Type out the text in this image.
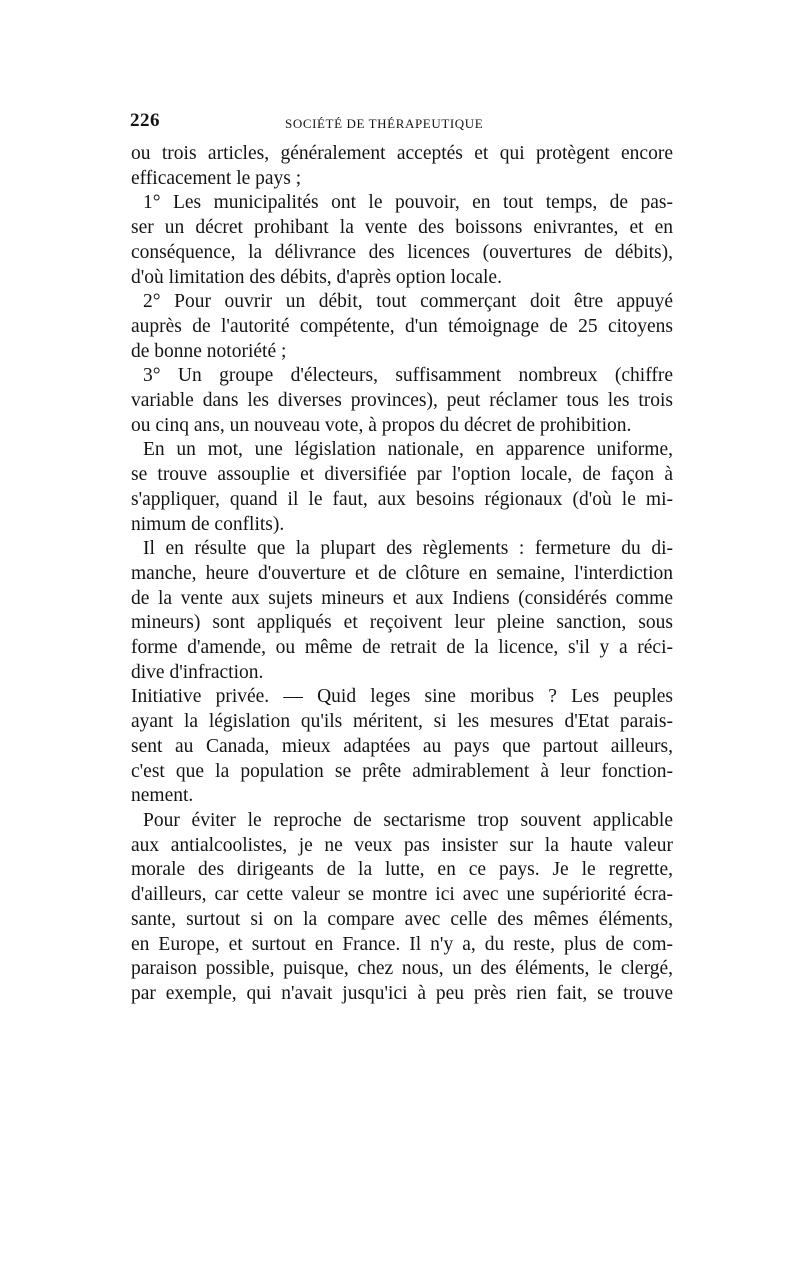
226	SOCIÉTÉ DE THÉRAPEUTIQUE

ou trois articles, généralement acceptés et qui protègent encore
efficacement le pays ;

1° Les municipalités ont le pouvoir, en tout temps, de pas-
ser un décret prohibant la vente des boissons enivrantes, et en
conséquence, la délivrance des licences (ouvertures de débits),
d'où limitation des débits, d'après option locale.

2° Pour ouvrir un débit, tout commerçant doit être appuyé
auprès de l'autorité compétente, d'un témoignage de 25 citoyens
de bonne notoriété ;

3° Un groupe d'électeurs, suffisamment nombreux (chiffre
variable dans les diverses provinces), peut réclamer tous les trois
ou cinq ans, un nouveau vote, à propos du décret de prohibition.

En un mot, une législation nationale, en apparence uniforme,
se trouve assouplie et diversifiée par l'option locale, de façon à
s'appliquer, quand il le faut, aux besoins régionaux (d'où le mi-
nimum de conflits).

Il en résulte que la plupart des règlements : fermeture du di-
manche, heure d'ouverture et de clôture en semaine, l'interdiction
de la vente aux sujets mineurs et aux Indiens (considérés comme
mineurs) sont appliqués et reçoivent leur pleine sanction, sous
forme d'amende, ou même de retrait de la licence, s'il y a réci-
dive d'infraction.

Initiative privée. — Quid leges sine moribus ? Les peuples
ayant la législation qu'ils méritent, si les mesures d'Etat parais-
sent au Canada, mieux adaptées au pays que partout ailleurs,
c'est que la population se prête admirablement à leur fonction-
nement.

Pour éviter le reproche de sectarisme trop souvent applicable
aux antialcoolistes, je ne veux pas insister sur la haute valeur
morale des dirigeants de la lutte, en ce pays. Je le regrette,
d'ailleurs, car cette valeur se montre ici avec une supériorité écra-
sante, surtout si on la compare avec celle des mêmes éléments,
en Europe, et surtout en France. Il n'y a, du reste, plus de com-
paraison possible, puisque, chez nous, un des éléments, le clergé,
par exemple, qui n'avait jusqu'ici à peu près rien fait, se trouve
